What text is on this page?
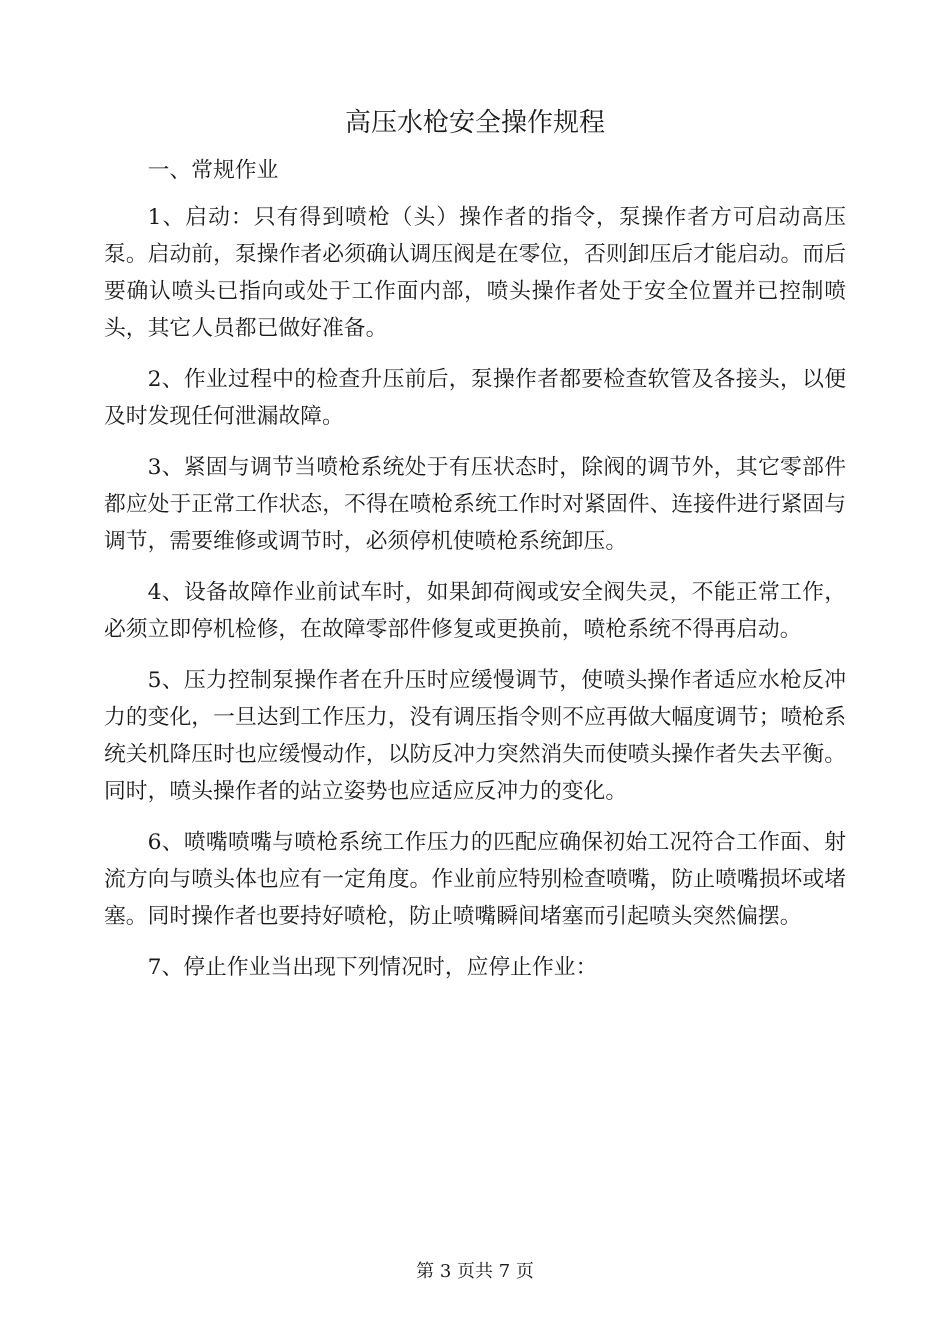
高压水枪安全操作规程

一、常规作业

1、启动：只有得到喷枪（头）操作者的指令，泵操作者方可启动高压泵。启动前，泵操作者必须确认调压阀是在零位，否则卸压后才能启动。而后要确认喷头已指向或处于工作面内部，喷头操作者处于安全位置并已控制喷头，其它人员都已做好准备。

2、作业过程中的检查升压前后，泵操作者都要检查软管及各接头，以便及时发现任何泄漏故障。

3、紧固与调节当喷枪系统处于有压状态时，除阀的调节外，其它零部件都应处于正常工作状态，不得在喷枪系统工作时对紧固件、连接件进行紧固与调节，需要维修或调节时，必须停机使喷枪系统卸压。

4、设备故障作业前试车时，如果卸荷阀或安全阀失灵，不能正常工作，必须立即停机检修，在故障零部件修复或更换前，喷枪系统不得再启动。

5、压力控制泵操作者在升压时应缓慢调节，使喷头操作者适应水枪反冲力的变化，一旦达到工作压力，没有调压指令则不应再做大幅度调节；喷枪系统关机降压时也应缓慢动作，以防反冲力突然消失而使喷头操作者失去平衡。同时，喷头操作者的站立姿势也应适应反冲力的变化。

6、喷嘴喷嘴与喷枪系统工作压力的匹配应确保初始工况符合工作面、射流方向与喷头体也应有一定角度。作业前应特别检查喷嘴，防止喷嘴损坏或堵塞。同时操作者也要持好喷枪，防止喷嘴瞬间堵塞而引起喷头突然偏摆。

7、停止作业当出现下列情况时，应停止作业：

第 3 页共 7 页
